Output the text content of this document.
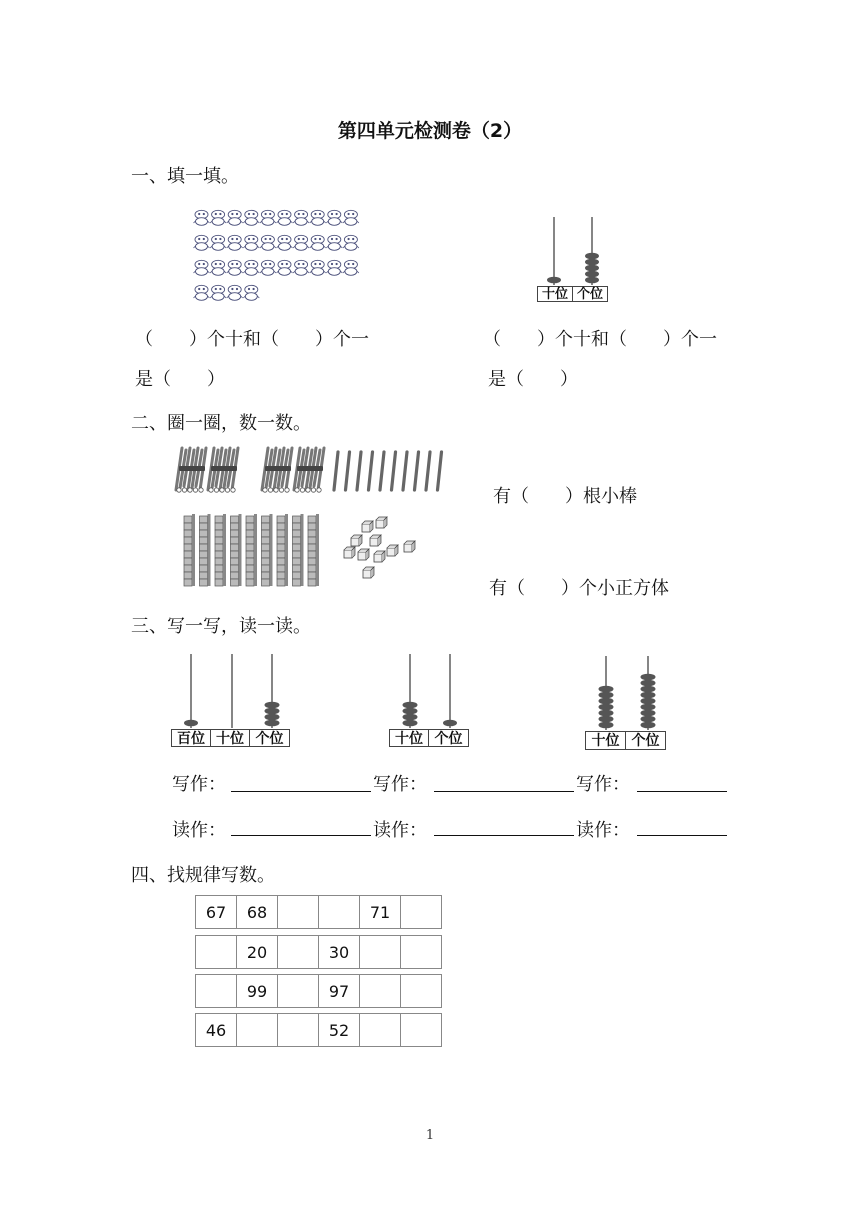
第四单元检测卷（2）
一、填一填。
十位 个位
（　　）个十和（　　）个一
是（　　）
（　　）个十和（　　）个一
是（　　）
二、圈一圈，数一数。
有（　　）根小棒
有（　　）个小正方体
三、写一写，读一读。
百位 十位 个位	十位 个位	十位 个位
写作：	写作：	写作：
读作：	读作：	读作：
四、找规律写数。
67	68			71	
	20		30		
	99		97		
46			52		
1
